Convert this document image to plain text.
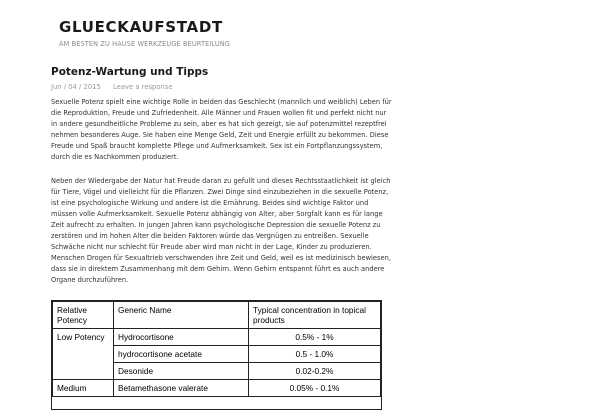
GLUECKAUFSTADT
AM BESTEN ZU HAUSE WERKZEUGE BEURTEILUNG
Potenz-Wartung und Tipps
Jun / 04 / 2015 Leave a response

Sexuelle Potenz spielt eine wichtige Rolle in beiden das Geschlecht (mannlich und weiblich) Leben für die Reproduktion, Freude und Zufriedenheit. Alle Männer und Frauen wollen fit und perfekt nicht nur in andere gesundheitliche Probleme zu sein, aber es hat sich gezeigt, sie auf potenzmittel rezeptfrei nehmen besonderes Auge. Sie haben eine Menge Geld, Zeit und Energie erfüllt zu bekommen. Diese Freude und Spaß braucht komplette Pflege und Aufmerksamkeit. Sex ist ein Fortpflanzungssystem, durch die es Nachkommen produziert.

Neben der Wiedergabe der Natur hat Freude daran zu gefullt und dieses Rechtsstaatlichkeit ist gleich für Tiere, Vögel und vielleicht für die Pflanzen. Zwei Dinge sind einzubeziehen in die sexuelle Potenz, ist eine psychologische Wirkung und andere ist die Ernährung. Beides sind wichtige Faktor und müssen volle Aufmerksamkeit. Sexuelle Potenz abhängig von Alter, aber Sorgfalt kann es für lange Zeit aufrecht zu erhalten. In jungen Jahren kann psychologische Depression die sexuelle Potenz zu zerstören und im hohen Alter die beiden Faktoren würde das Vergnügen zu entreißen. Sexuelle Schwäche nicht nur schlecht für Freude aber wird man nicht in der Lage, Kinder zu produzieren. Menschen Drogen für Sexualtrieb verschwenden ihre Zeit und Geld, weil es ist medizinisch bewiesen, dass sie in direktem Zusammenhang mit dem Gehirn. Wenn Gehirn entspannt führt es auch andere Organe durchzuführen.

Relative Potency	Generic Name	Typical concentration in topical products
Low Potency	Hydrocortisone	0.5% - 1%
	hydrocortisone acetate	0.5 - 1.0%
	Desonide	0.02-0.2%
Medium	Betamethasone valerate	0.05% - 0.1%
